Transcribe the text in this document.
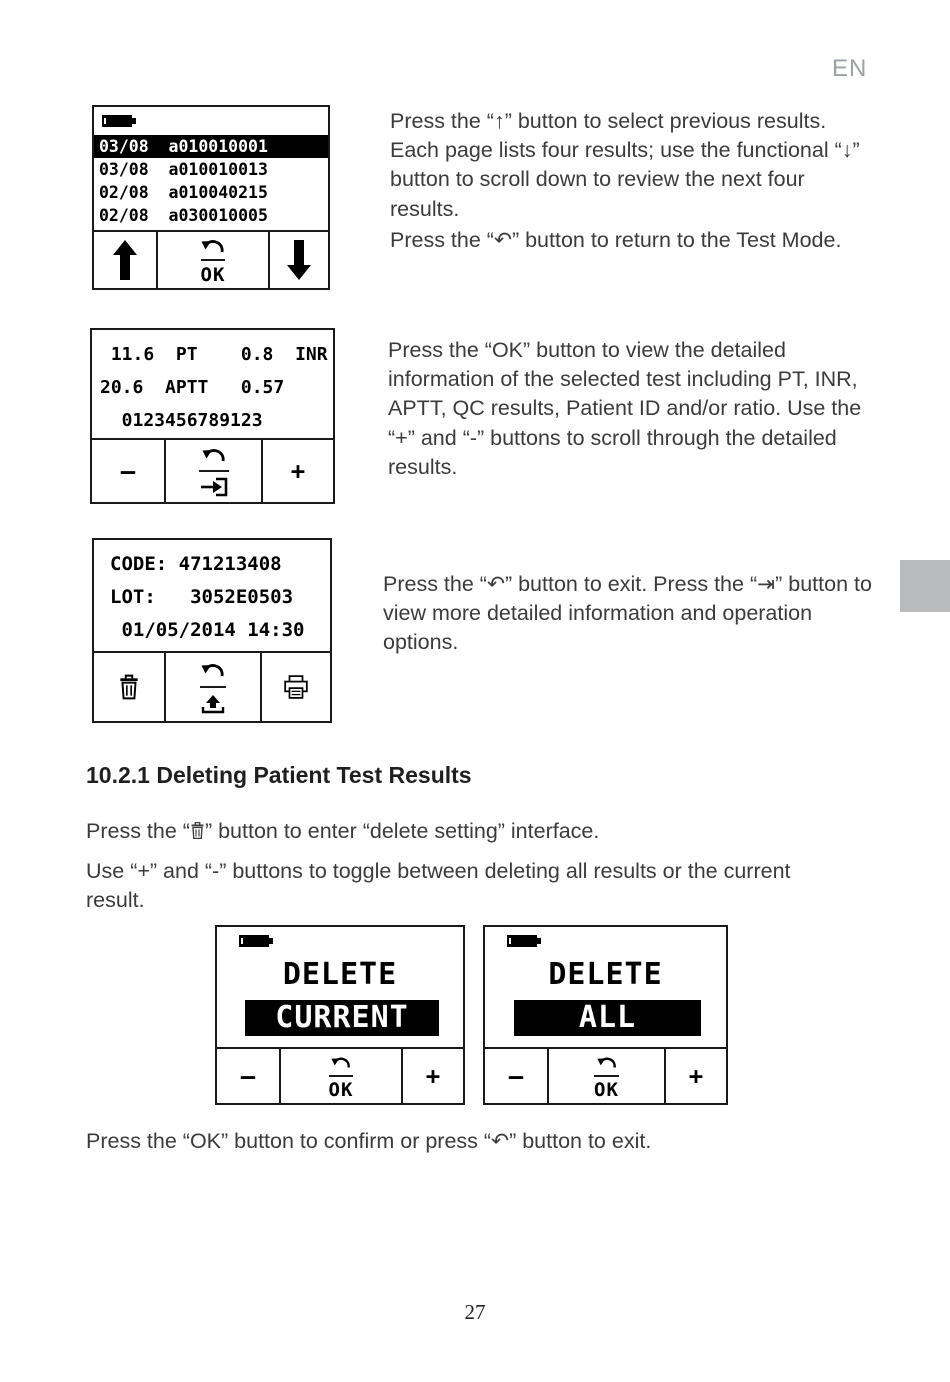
EN
03/08  a010010001
03/08  a010010013
02/08  a010040215
02/08  a030010005
OK

Press the “↑” button to select previous results. Each page lists four results; use the functional “↓” button to scroll down to review the next four results.

Press the “↶” button to return to the Test Mode.

11.6  PT    0.8  INR
20.6  APTT   0.57
0123456789123
–	+

Press the “OK” button to view the detailed information of the selected test including PT, INR, APTT, QC results, Patient ID and/or ratio. Use the “+” and “-” buttons to scroll through the detailed results.

CODE: 471213408
LOT:   3052E0503
01/05/2014 14:30

Press the “↶” button to exit. Press the “⇥” button to view more detailed information and operation options.

10.2.1 Deleting Patient Test Results
Press the “ ” button to enter “delete setting” interface.

Use “+” and “-” buttons to toggle between deleting all results or the current result.

DELETE
CURRENT
–	OK	+
DELETE
ALL
–	OK	+

Press the “OK” button to confirm or press “↶” button to exit.

27
